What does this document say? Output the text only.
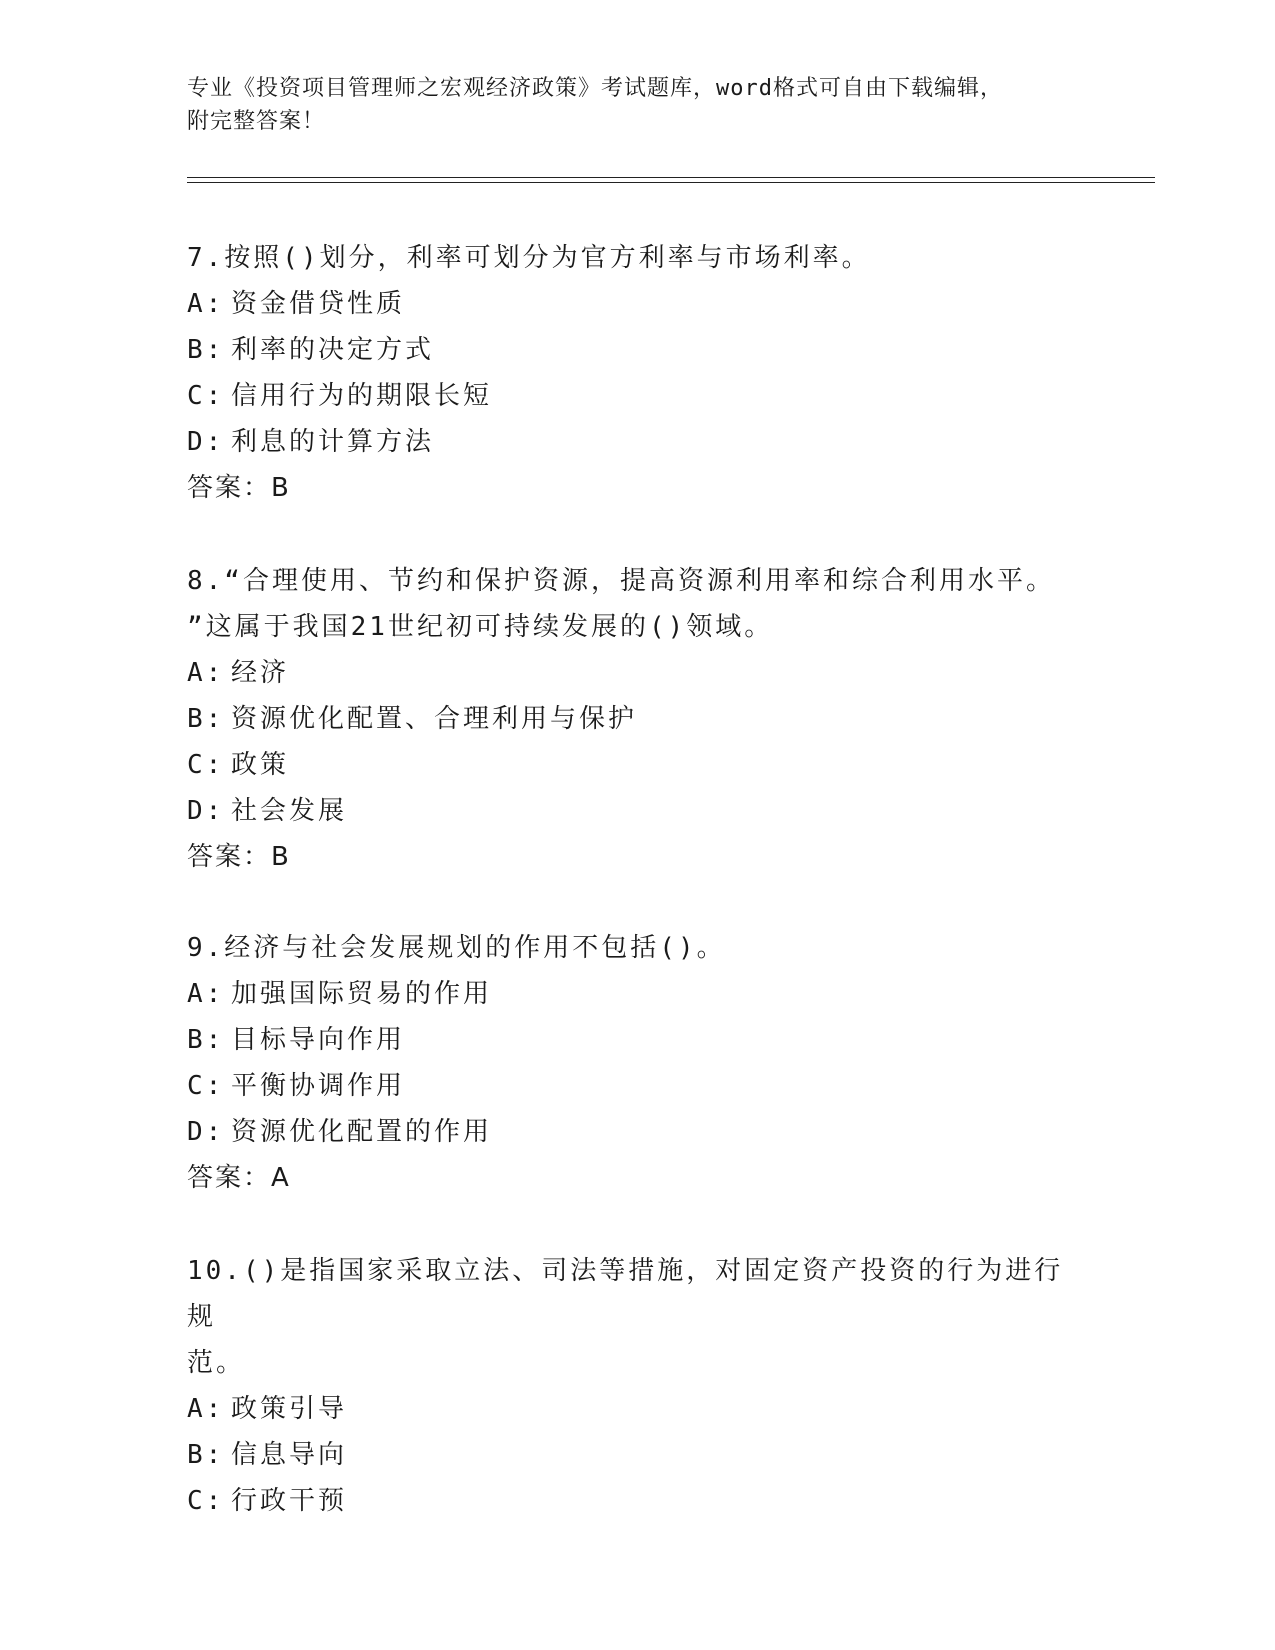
专业《投资项目管理师之宏观经济政策》考试题库，word格式可自由下载编辑，
附完整答案！
7.按照()划分，利率可划分为官方利率与市场利率。
A: 资金借贷性质
B: 利率的决定方式
C: 信用行为的期限长短
D: 利息的计算方法
答案：B
8.“合理使用、节约和保护资源，提高资源利用率和综合利用水平。
”这属于我国21世纪初可持续发展的()领域。
A: 经济
B: 资源优化配置、合理利用与保护
C: 政策
D: 社会发展
答案：B
9.经济与社会发展规划的作用不包括()。
A: 加强国际贸易的作用
B: 目标导向作用
C: 平衡协调作用
D: 资源优化配置的作用
答案：A
10.()是指国家采取立法、司法等措施，对固定资产投资的行为进行规
范。
A: 政策引导
B: 信息导向
C: 行政干预
